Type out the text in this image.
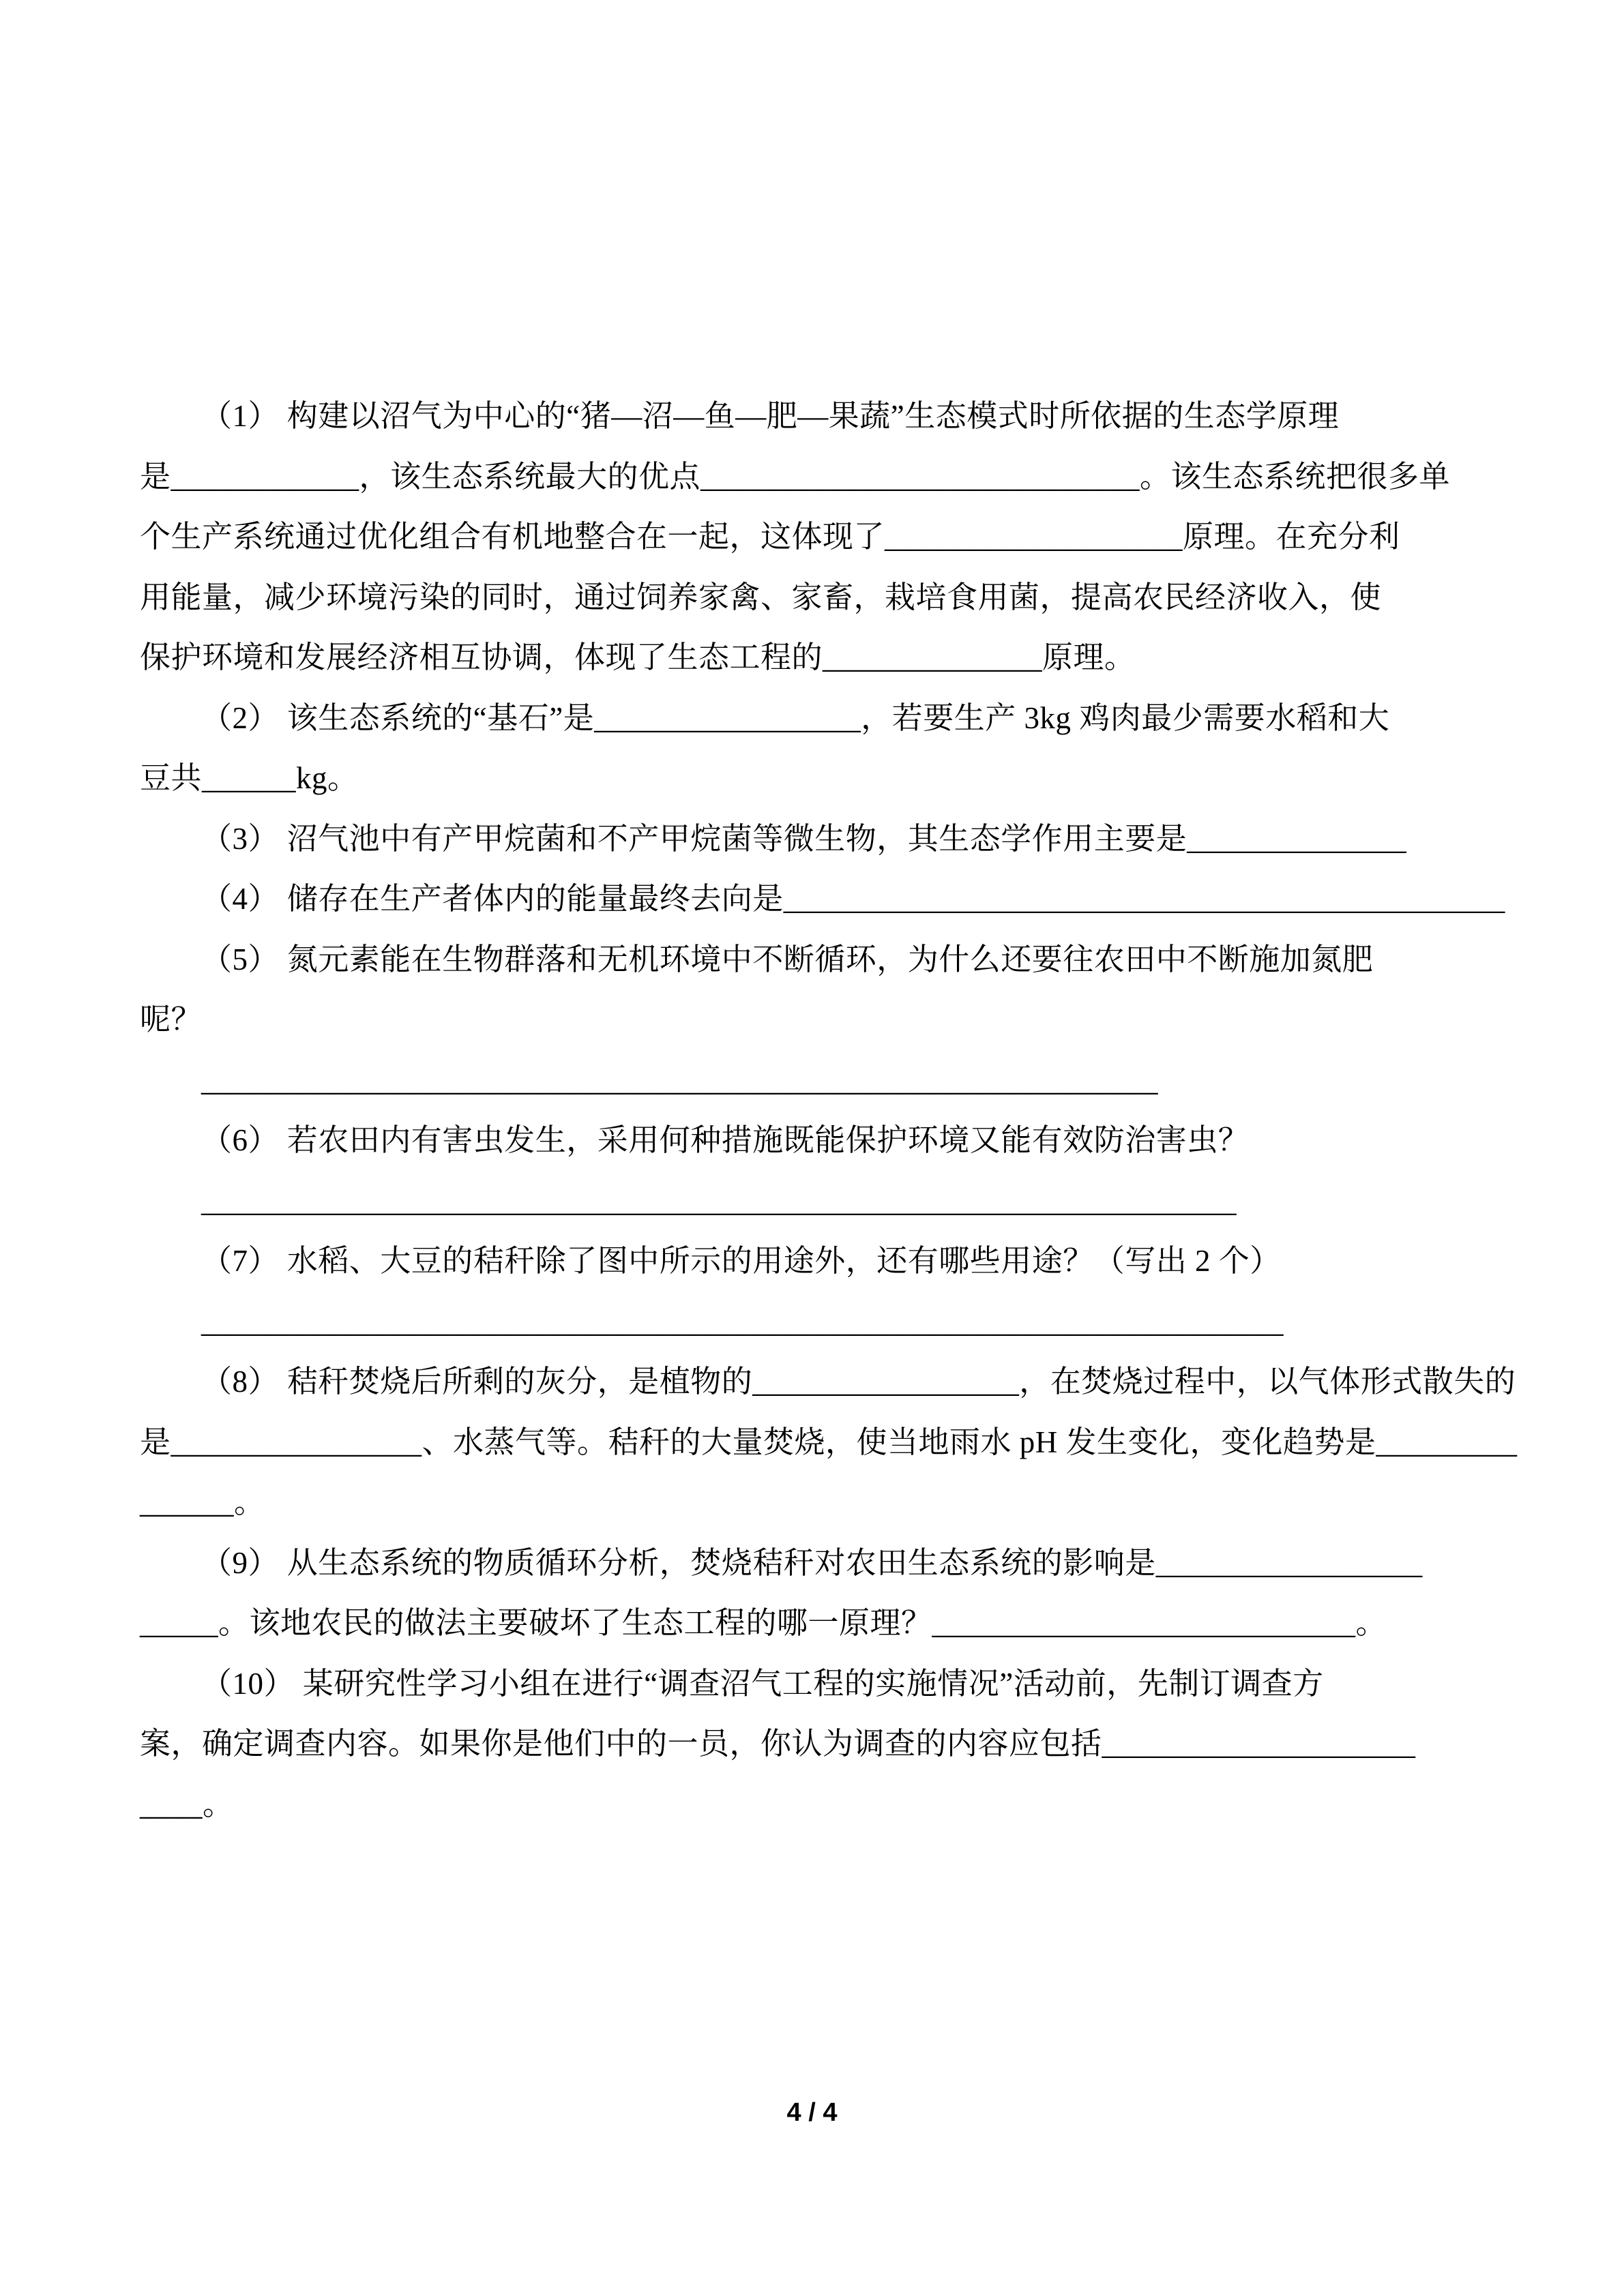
（1） 构建以沼气为中心的“猪—沼—鱼—肥—果蔬”生态模式时所依据的生态学原理
是____________，该生态系统最大的优点____________________________。该生态系统把很多单
个生产系统通过优化组合有机地整合在一起，这体现了___________________原理。在充分利
用能量，减少环境污染的同时，通过饲养家禽、家畜，栽培食用菌，提高农民经济收入，使
保护环境和发展经济相互协调，体现了生态工程的______________原理。
（2） 该生态系统的“基石”是_________________，若要生产 3kg 鸡肉最少需要水稻和大
豆共______kg。
（3） 沼气池中有产甲烷菌和不产甲烷菌等微生物，其生态学作用主要是______________
（4） 储存在生产者体内的能量最终去向是______________________________________________
（5） 氮元素能在生物群落和无机环境中不断循环，为什么还要往农田中不断施加氮肥
呢？
_____________________________________________________________
（6） 若农田内有害虫发生，采用何种措施既能保护环境又能有效防治害虫？
__________________________________________________________________
（7） 水稻、大豆的秸秆除了图中所示的用途外，还有哪些用途？（写出 2 个）
_____________________________________________________________________
（8） 秸秆焚烧后所剩的灰分，是植物的_________________，在焚烧过程中，以气体形式散失的
是________________、水蒸气等。秸秆的大量焚烧，使当地雨水 pH 发生变化，变化趋势是_________
______。
（9） 从生态系统的物质循环分析，焚烧秸秆对农田生态系统的影响是_________________
_____。该地农民的做法主要破坏了生态工程的哪一原理？___________________________。
（10） 某研究性学习小组在进行“调查沼气工程的实施情况”活动前，先制订调查方
案，确定调查内容。如果你是他们中的一员，你认为调查的内容应包括____________________
____。
4 / 4
